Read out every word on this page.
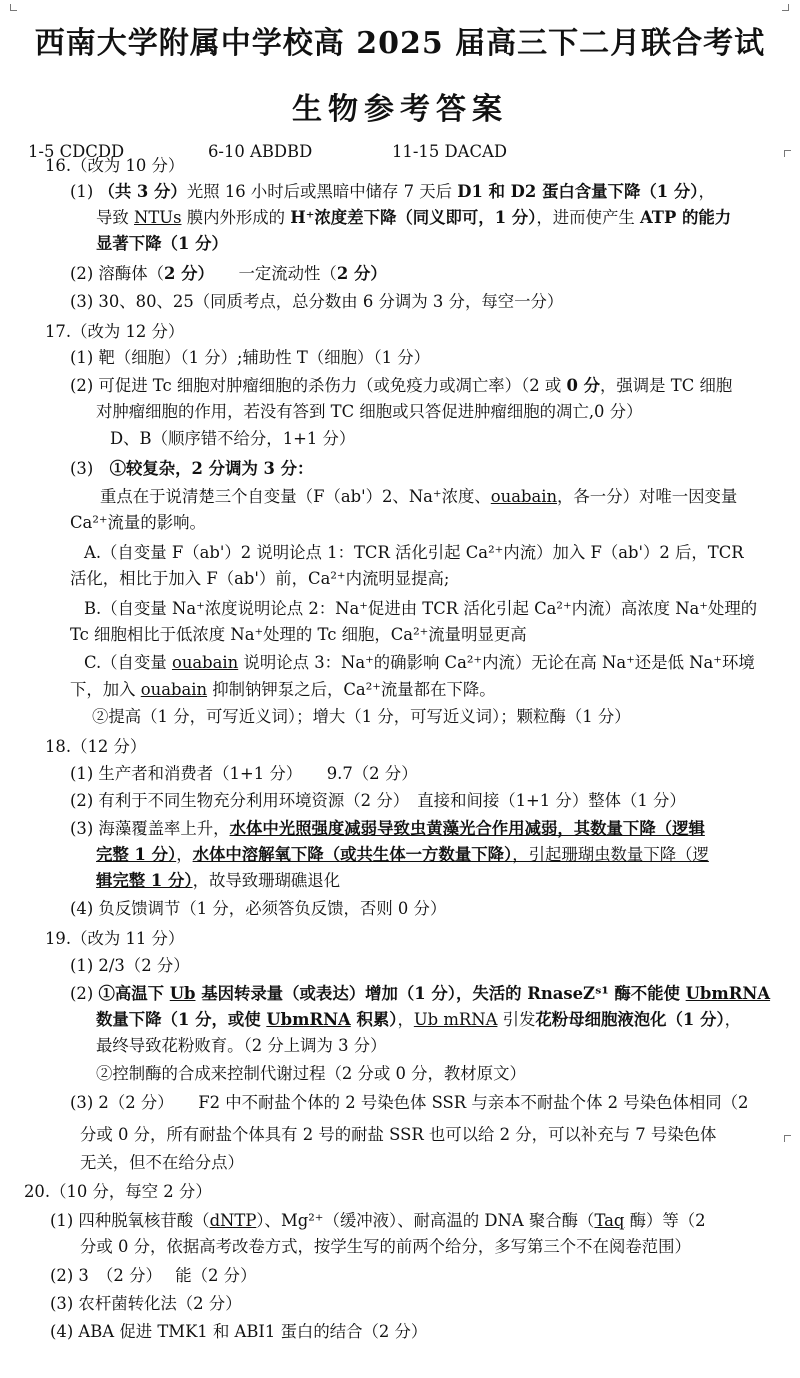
西南大学附属中学校高 2025 届高三下二月联合考试
生物参考答案
1-5 CDCDD	6-10 ABDBD	11-15 DACAD
16.（改为 10 分）
(1) （共 3 分）光照 16 小时后或黑暗中储存 7 天后 D1 和 D2 蛋白含量下降（1 分），
导致 NTUs 膜内外形成的 H⁺浓度差下降（同义即可，1 分），进而使产生 ATP 的能力
显著下降（1 分）
(2) 溶酶体（2 分）　　一定流动性（2 分）
(3) 30、80、25（同质考点，总分数由 6 分调为 3 分，每空一分）
17.（改为 12 分）
(1) 靶（细胞）（1 分）;辅助性 T（细胞）（1 分）
(2) 可促进 Tc 细胞对肿瘤细胞的杀伤力（或免疫力或凋亡率）（2 或 0 分，强调是 TC 细胞
对肿瘤细胞的作用，若没有答到 TC 细胞或只答促进肿瘤细胞的凋亡,0 分）
D、B（顺序错不给分，1+1 分）
(3)　①较复杂，2 分调为 3 分：
重点在于说清楚三个自变量（F（ab'）2、Na⁺浓度、ouabain，各一分）对唯一因变量
Ca²⁺流量的影响。
A.（自变量 F（ab'）2 说明论点 1：TCR 活化引起 Ca²⁺内流）加入 F（ab'）2 后，TCR
活化，相比于加入 F（ab'）前，Ca²⁺内流明显提高;
B.（自变量 Na⁺浓度说明论点 2：Na⁺促进由 TCR 活化引起 Ca²⁺内流）高浓度 Na⁺处理的
Tc 细胞相比于低浓度 Na⁺处理的 Tc 细胞，Ca²⁺流量明显更高
C.（自变量 ouabain 说明论点 3：Na⁺的确影响 Ca²⁺内流）无论在高 Na⁺还是低 Na⁺环境
下，加入 ouabain 抑制钠钾泵之后，Ca²⁺流量都在下降。
②提高（1 分，可写近义词）；增大（1 分，可写近义词）；颗粒酶（1 分）
18.（12 分）
(1) 生产者和消费者（1+1 分）　　9.7（2 分）
(2) 有利于不同生物充分利用环境资源（2 分）　直接和间接（1+1 分）整体（1 分）
(3) 海藻覆盖率上升，水体中光照强度减弱导致虫黄藻光合作用减弱，其数量下降（逻辑
完整 1 分），水体中溶解氧下降（或共生体一方数量下降），引起珊瑚虫数量下降（逻
辑完整 1 分），故导致珊瑚礁退化
(4) 负反馈调节（1 分，必须答负反馈，否则 0 分）
19.（改为 11 分）
(1) 2/3（2 分）
(2) ①高温下 Ub 基因转录量（或表达）增加（1 分），失活的 RnaseZˢ¹ 酶不能使 UbmRNA
数量下降（1 分，或使 UbmRNA 积累），Ub mRNA 引发花粉母细胞液泡化（1 分），
最终导致花粉败育。（2 分上调为 3 分）
②控制酶的合成来控制代谢过程（2 分或 0 分，教材原文）
(3) 2（2 分）　　F2 中不耐盐个体的 2 号染色体 SSR 与亲本不耐盐个体 2 号染色体相同（2
分或 0 分，所有耐盐个体具有 2 号的耐盐 SSR 也可以给 2 分，可以补充与 7 号染色体
无关，但不在给分点）
20.（10 分，每空 2 分）
(1) 四种脱氧核苷酸（dNTP）、Mg²⁺（缓冲液）、耐高温的 DNA 聚合酶（Taq 酶）等（2
分或 0 分，依据高考改卷方式，按学生写的前两个给分，多写第三个不在阅卷范围）
(2) 3　（2 分）　 能（2 分）
(3) 农杆菌转化法（2 分）
(4) ABA 促进 TMK1 和 ABI1 蛋白的结合（2 分）
